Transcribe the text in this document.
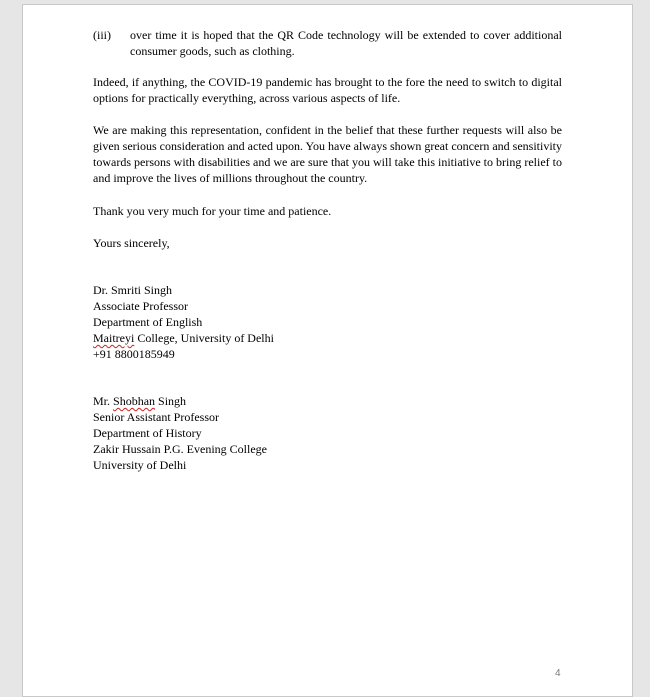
(iii)	over time it is hoped that the QR Code technology will be extended to cover additional consumer goods, such as clothing.

Indeed, if anything, the COVID-19 pandemic has brought to the fore the need to switch to digital options for practically everything, across various aspects of life.

We are making this representation, confident in the belief that these further requests will also be given serious consideration and acted upon. You have always shown great concern and sensitivity towards persons with disabilities and we are sure that you will take this initiative to bring relief to and improve the lives of millions throughout the country.

Thank you very much for your time and patience.

Yours sincerely,

Dr. Smriti Singh
Associate Professor
Department of English
Maitreyi College, University of Delhi
+91 8800185949
Mr. Shobhan Singh
Senior Assistant Professor
Department of History
Zakir Hussain P.G. Evening College
University of Delhi
4
